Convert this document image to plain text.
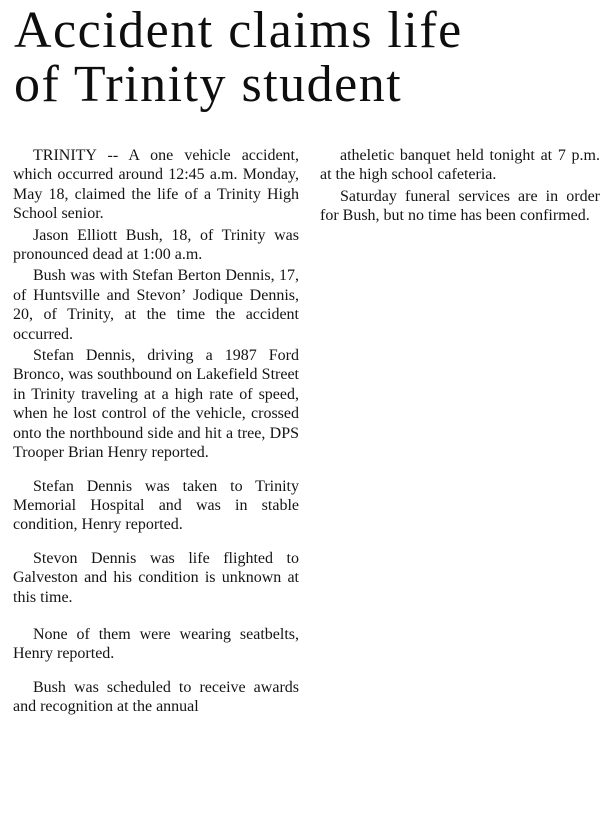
Accident claims life
of Trinity student

TRINITY -- A one vehicle accident, which occurred around 12:45 a.m. Monday, May 18, claimed the life of a Trinity High School senior.

Jason Elliott Bush, 18, of Trinity was pronounced dead at 1:00 a.m.

Bush was with Stefan Berton Dennis, 17, of Huntsville and Stevonʼ Jodique Dennis, 20, of Trinity, at the time the accident occurred.

Stefan Dennis, driving a 1987 Ford Bronco, was southbound on Lakefield Street in Trinity traveling at a high rate of speed, when he lost control of the vehicle, crossed onto the northbound side and hit a tree, DPS Trooper Brian Henry reported.

Stefan Dennis was taken to Trinity Memorial Hospital and was in stable condition, Henry reported.

Stevon Dennis was life flighted to Galveston and his condition is unknown at this time.

None of them were wearing seatbelts, Henry reported.

Bush was scheduled to receive awards and recognition at the annual

atheletic banquet held tonight at 7 p.m. at the high school cafeteria.

Saturday funeral services are in order for Bush, but no time has been confirmed.
